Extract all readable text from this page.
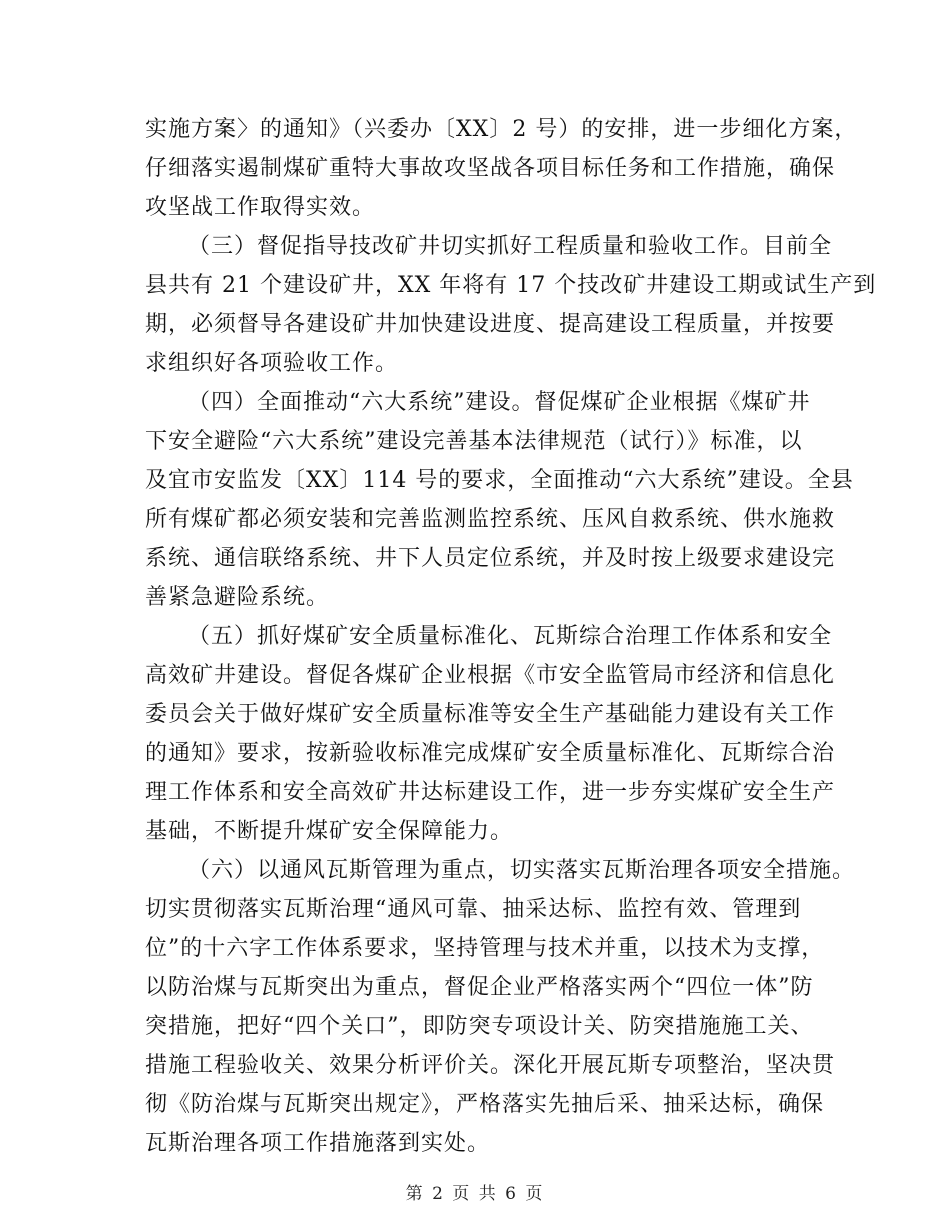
实施方案〉的通知》（兴委办〔XX〕2 号）的安排，进一步细化方案，
仔细落实遏制煤矿重特大事故攻坚战各项目标任务和工作措施，确保
攻坚战工作取得实效。
（三）督促指导技改矿井切实抓好工程质量和验收工作。目前全
县共有 21 个建设矿井，XX 年将有 17 个技改矿井建设工期或试生产到
期，必须督导各建设矿井加快建设进度、提高建设工程质量，并按要
求组织好各项验收工作。
（四）全面推动“六大系统”建设。督促煤矿企业根据《煤矿井
下安全避险“六大系统”建设完善基本法律规范（试行）》标准，以
及宜市安监发〔XX〕114 号的要求，全面推动“六大系统”建设。全县
所有煤矿都必须安装和完善监测监控系统、压风自救系统、供水施救
系统、通信联络系统、井下人员定位系统，并及时按上级要求建设完
善紧急避险系统。
（五）抓好煤矿安全质量标准化、瓦斯综合治理工作体系和安全
高效矿井建设。督促各煤矿企业根据《市安全监管局市经济和信息化
委员会关于做好煤矿安全质量标准等安全生产基础能力建设有关工作
的通知》要求，按新验收标准完成煤矿安全质量标准化、瓦斯综合治
理工作体系和安全高效矿井达标建设工作，进一步夯实煤矿安全生产
基础，不断提升煤矿安全保障能力。
（六）以通风瓦斯管理为重点，切实落实瓦斯治理各项安全措施。
切实贯彻落实瓦斯治理“通风可靠、抽采达标、监控有效、管理到
位”的十六字工作体系要求，坚持管理与技术并重，以技术为支撑，
以防治煤与瓦斯突出为重点，督促企业严格落实两个“四位一体”防
突措施，把好“四个关口”，即防突专项设计关、防突措施施工关、
措施工程验收关、效果分析评价关。深化开展瓦斯专项整治，坚决贯
彻《防治煤与瓦斯突出规定》，严格落实先抽后采、抽采达标，确保
瓦斯治理各项工作措施落到实处。
第 2 页 共 6 页
